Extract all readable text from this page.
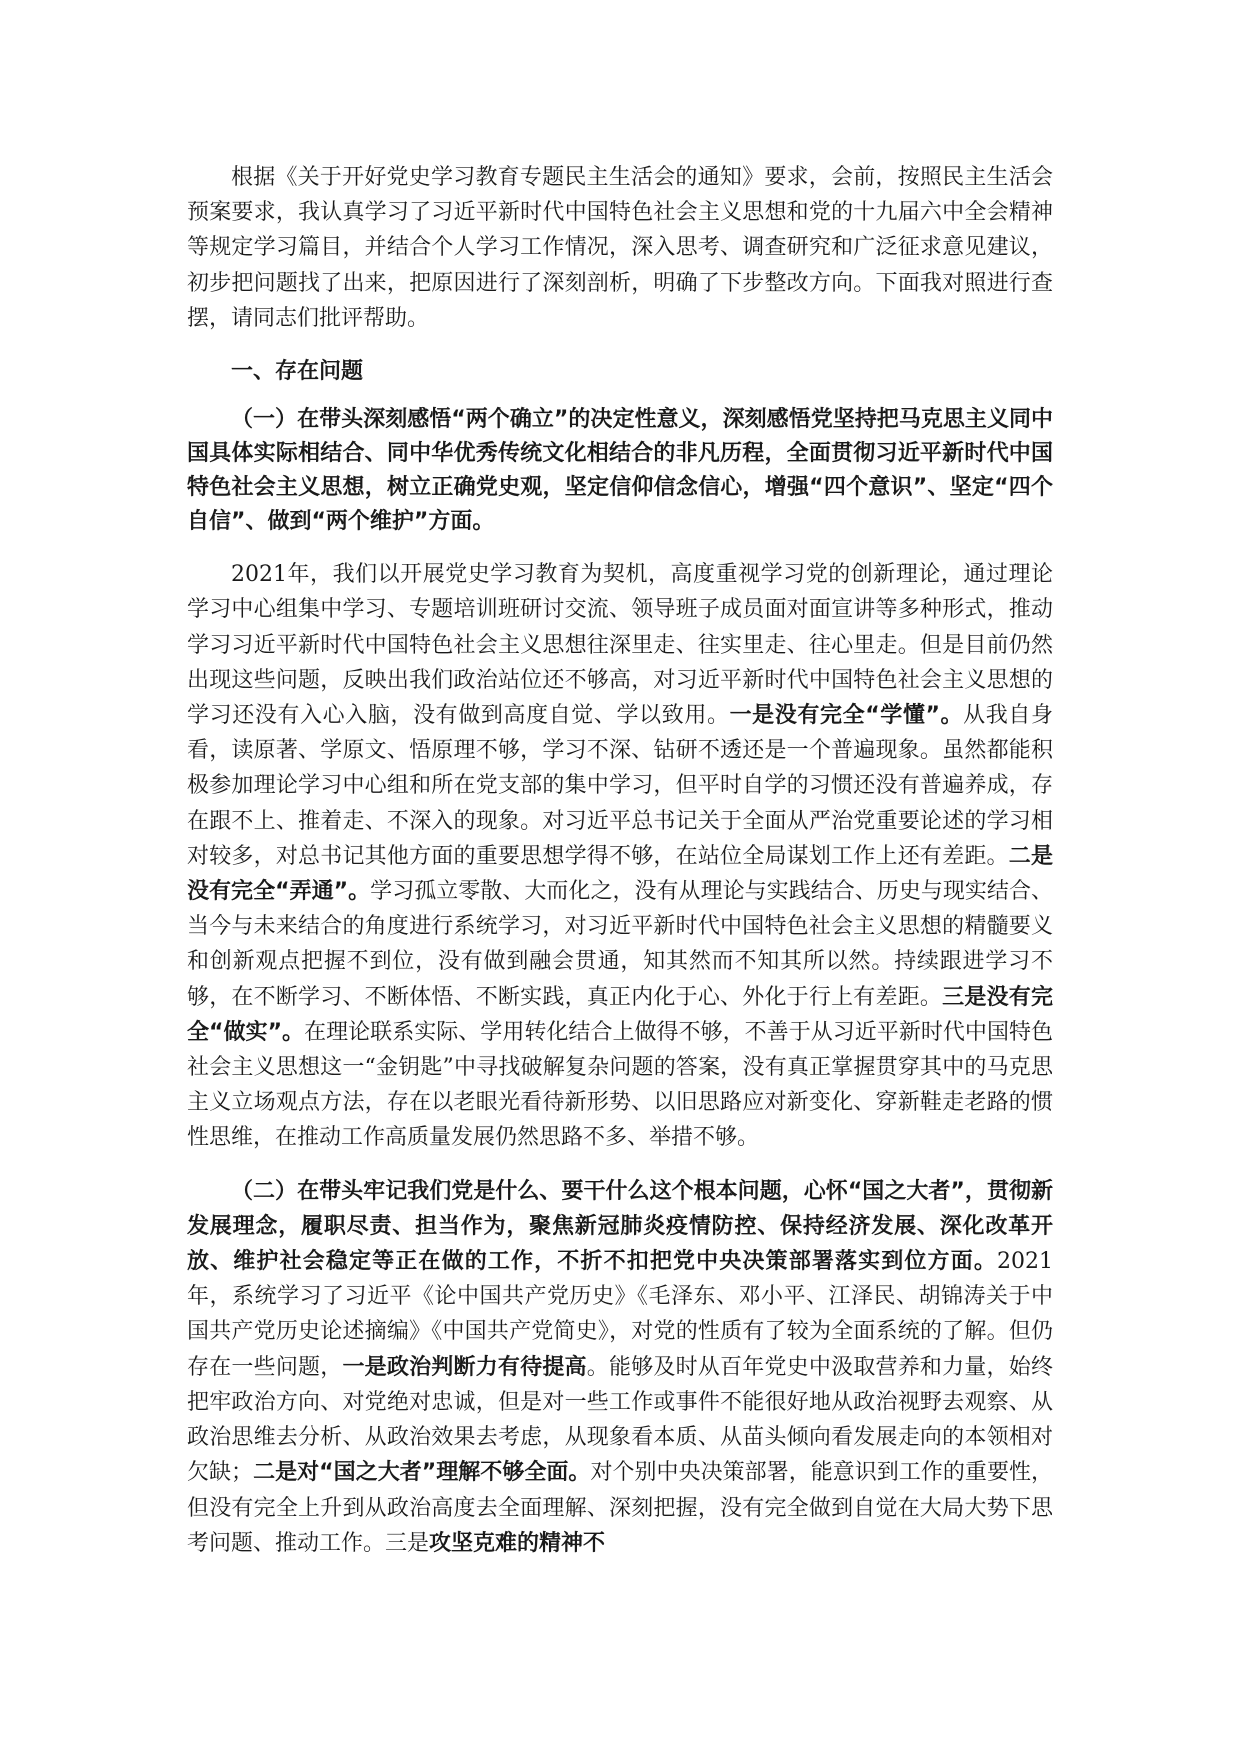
根据《关于开好党史学习教育专题民主生活会的通知》要求，会前，按照民主生活会预案要求，我认真学习了习近平新时代中国特色社会主义思想和党的十九届六中全会精神等规定学习篇目，并结合个人学习工作情况，深入思考、调查研究和广泛征求意见建议，初步把问题找了出来，把原因进行了深刻剖析，明确了下步整改方向。下面我对照进行查摆，请同志们批评帮助。

一、存在问题

（一）在带头深刻感悟“两个确立”的决定性意义，深刻感悟党坚持把马克思主义同中国具体实际相结合、同中华优秀传统文化相结合的非凡历程，全面贯彻习近平新时代中国特色社会主义思想，树立正确党史观，坚定信仰信念信心，增强“四个意识”、坚定“四个自信”、做到“两个维护”方面。

2021年，我们以开展党史学习教育为契机，高度重视学习党的创新理论，通过理论学习中心组集中学习、专题培训班研讨交流、领导班子成员面对面宣讲等多种形式，推动学习习近平新时代中国特色社会主义思想往深里走、往实里走、往心里走。但是目前仍然出现这些问题，反映出我们政治站位还不够高，对习近平新时代中国特色社会主义思想的学习还没有入心入脑，没有做到高度自觉、学以致用。一是没有完全“学懂”。从我自身看，读原著、学原文、悟原理不够，学习不深、钻研不透还是一个普遍现象。虽然都能积极参加理论学习中心组和所在党支部的集中学习，但平时自学的习惯还没有普遍养成，存在跟不上、推着走、不深入的现象。对习近平总书记关于全面从严治党重要论述的学习相对较多，对总书记其他方面的重要思想学得不够，在站位全局谋划工作上还有差距。二是没有完全“弄通”。学习孤立零散、大而化之，没有从理论与实践结合、历史与现实结合、当今与未来结合的角度进行系统学习，对习近平新时代中国特色社会主义思想的精髓要义和创新观点把握不到位，没有做到融会贯通，知其然而不知其所以然。持续跟进学习不够，在不断学习、不断体悟、不断实践，真正内化于心、外化于行上有差距。三是没有完全“做实”。在理论联系实际、学用转化结合上做得不够，不善于从习近平新时代中国特色社会主义思想这一“金钥匙”中寻找破解复杂问题的答案，没有真正掌握贯穿其中的马克思主义立场观点方法，存在以老眼光看待新形势、以旧思路应对新变化、穿新鞋走老路的惯性思维，在推动工作高质量发展仍然思路不多、举措不够。

（二）在带头牢记我们党是什么、要干什么这个根本问题，心怀“国之大者”，贯彻新发展理念，履职尽责、担当作为，聚焦新冠肺炎疫情防控、保持经济发展、深化改革开放、维护社会稳定等正在做的工作，不折不扣把党中央决策部署落实到位方面。2021年，系统学习了习近平《论中国共产党历史》《毛泽东、邓小平、江泽民、胡锦涛关于中国共产党历史论述摘编》《中国共产党简史》，对党的性质有了较为全面系统的了解。但仍存在一些问题，一是政治判断力有待提高。能够及时从百年党史中汲取营养和力量，始终把牢政治方向、对党绝对忠诚，但是对一些工作或事件不能很好地从政治视野去观察、从政治思维去分析、从政治效果去考虑，从现象看本质、从苗头倾向看发展走向的本领相对欠缺；二是对“国之大者”理解不够全面。对个别中央决策部署，能意识到工作的重要性，但没有完全上升到从政治高度去全面理解、深刻把握，没有完全做到自觉在大局大势下思考问题、推动工作。三是攻坚克难的精神不
